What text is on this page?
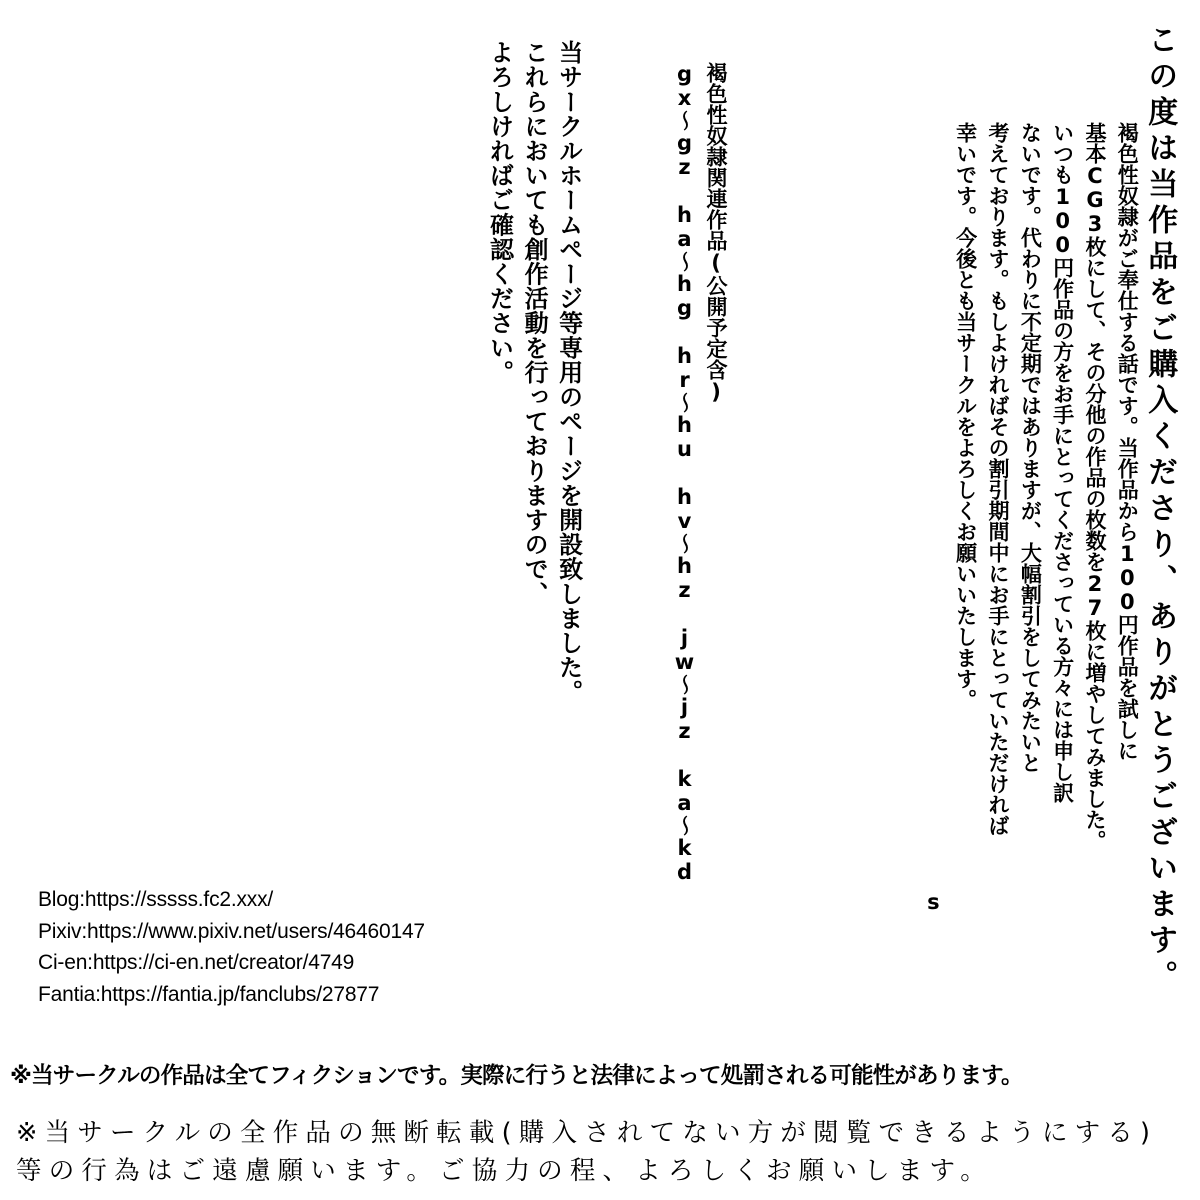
この度は当作品をご購入くださり、ありがとうございます。
褐色性奴隷がご奉仕する話です。当作品から100円作品を試しに
基本CG3枚にして、その分他の作品の枚数を27枚に増やしてみました。
いつも100円作品の方をお手にとってくださっている方々には申し訳
ないです。代わりに不定期ではありますが、大幅割引をしてみたいと
考えております。もしよければその割引期間中にお手にとっていただければ
幸いです。今後とも当サークルをよろしくお願いいたします。
s
褐色性奴隷関連作品(公開予定含)
gx～gz ha～hg hr～hu hv～hz jw～jz ka～kd
当サークルホームページ等専用のページを開設致しました。
これらにおいても創作活動を行っておりますので、
よろしければご確認ください。
Blog:https://sssss.fc2.xxx/
Pixiv:https://www.pixiv.net/users/46460147
Ci-en:https://ci-en.net/creator/4749
Fantia:https://fantia.jp/fanclubs/27877
※当サークルの作品は全てフィクションです。実際に行うと法律によって処罰される可能性があります。
※当サークルの全作品の無断転載(購入されてない方が閲覧できるようにする)
等の行為はご遠慮願います。ご協力の程、よろしくお願いします。
